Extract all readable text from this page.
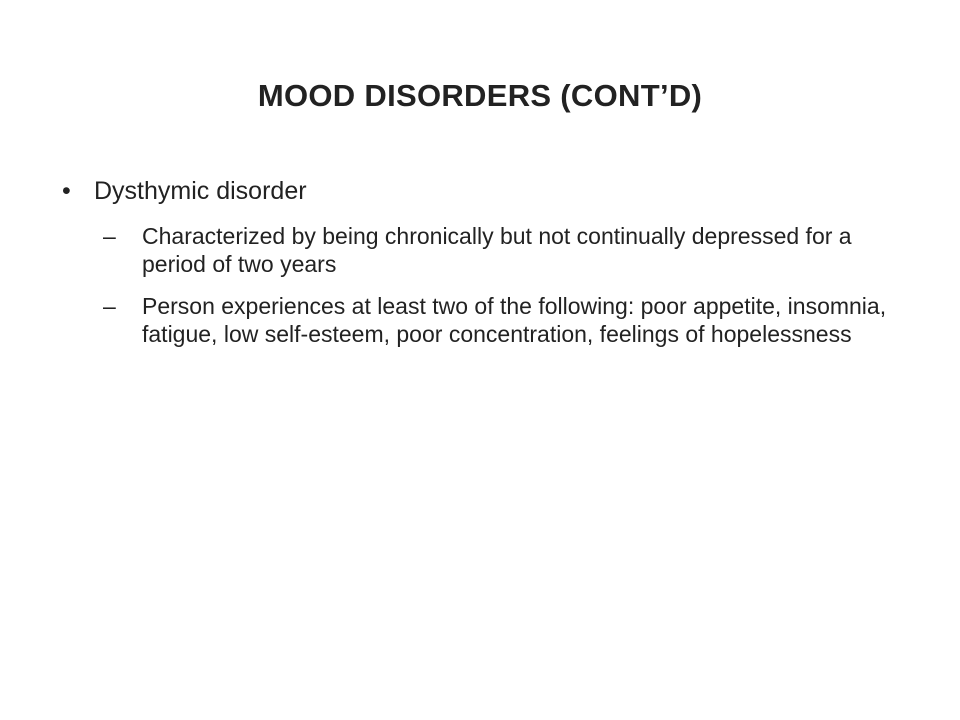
MOOD DISORDERS (CONT’D)

• Dysthymic disorder

– Characterized by being chronically but not continually depressed for a period of two years

– Person experiences at least two of the following: poor appetite, insomnia, fatigue, low self-esteem, poor concentration, feelings of hopelessness
